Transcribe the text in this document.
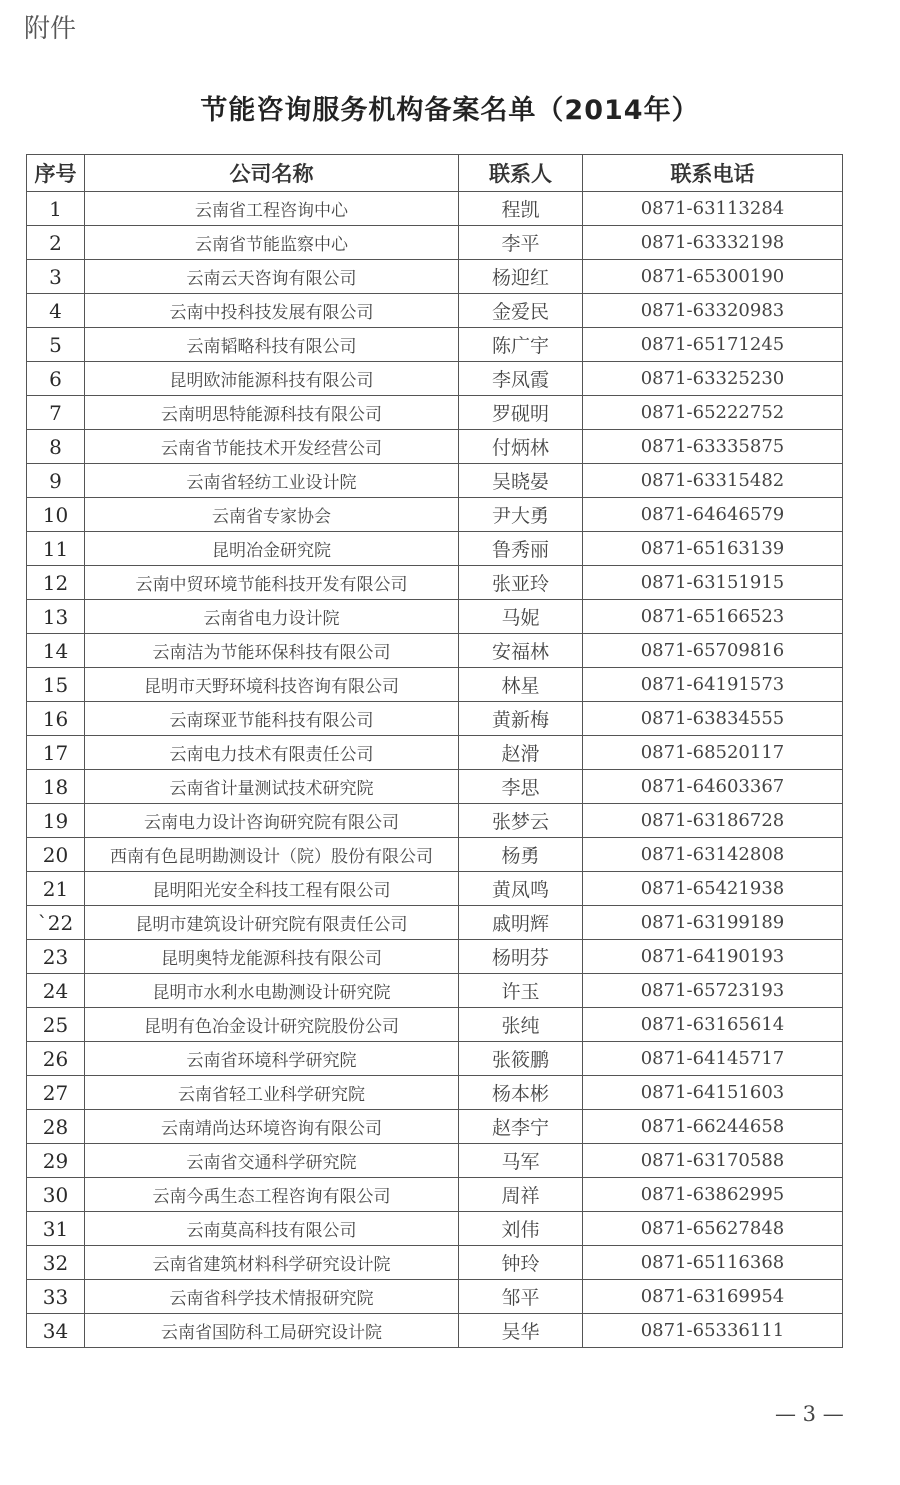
附件
节能咨询服务机构备案名单（2014年）
序号	公司名称	联系人	联系电话
1	云南省工程咨询中心	程凯	0871-63113284
2	云南省节能监察中心	李平	0871-63332198
3	云南云天咨询有限公司	杨迎红	0871-65300190
4	云南中投科技发展有限公司	金爱民	0871-63320983
5	云南韬略科技有限公司	陈广宇	0871-65171245
6	昆明欧沛能源科技有限公司	李凤霞	0871-63325230
7	云南明思特能源科技有限公司	罗砚明	0871-65222752
8	云南省节能技术开发经营公司	付炳林	0871-63335875
9	云南省轻纺工业设计院	吴晓晏	0871-63315482
10	云南省专家协会	尹大勇	0871-64646579
11	昆明冶金研究院	鲁秀丽	0871-65163139
12	云南中贸环境节能科技开发有限公司	张亚玲	0871-63151915
13	云南省电力设计院	马妮	0871-65166523
14	云南洁为节能环保科技有限公司	安福林	0871-65709816
15	昆明市天野环境科技咨询有限公司	林星	0871-64191573
16	云南琛亚节能科技有限公司	黄新梅	0871-63834555
17	云南电力技术有限责任公司	赵滑	0871-68520117
18	云南省计量测试技术研究院	李思	0871-64603367
19	云南电力设计咨询研究院有限公司	张梦云	0871-63186728
20	西南有色昆明勘测设计（院）股份有限公司	杨勇	0871-63142808
21	昆明阳光安全科技工程有限公司	黄凤鸣	0871-65421938
`22	昆明市建筑设计研究院有限责任公司	戚明辉	0871-63199189
23	昆明奥特龙能源科技有限公司	杨明芬	0871-64190193
24	昆明市水利水电勘测设计研究院	许玉	0871-65723193
25	昆明有色冶金设计研究院股份公司	张纯	0871-63165614
26	云南省环境科学研究院	张筱鹏	0871-64145717
27	云南省轻工业科学研究院	杨本彬	0871-64151603
28	云南靖尚达环境咨询有限公司	赵李宁	0871-66244658
29	云南省交通科学研究院	马军	0871-63170588
30	云南今禹生态工程咨询有限公司	周祥	0871-63862995
31	云南莫高科技有限公司	刘伟	0871-65627848
32	云南省建筑材料科学研究设计院	钟玲	0871-65116368
33	云南省科学技术情报研究院	邹平	0871-63169954
34	云南省国防科工局研究设计院	吴华	0871-65336111
— 3 —
